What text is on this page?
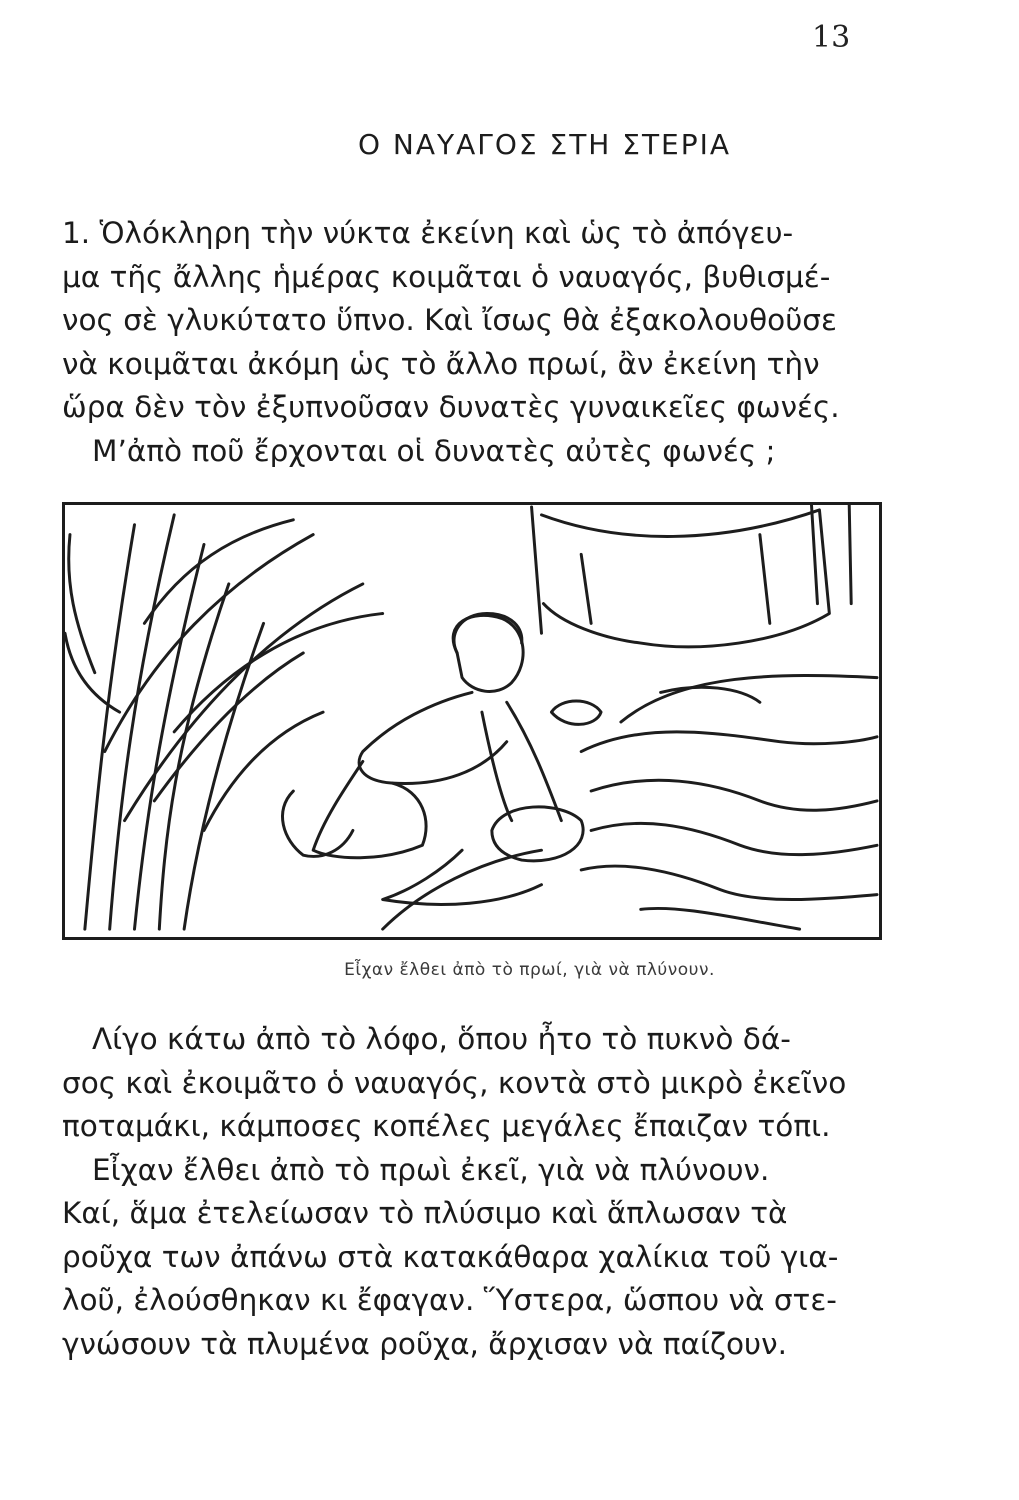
13
Ο ΝΑΥΑΓΟΣ ΣΤΗ ΣΤΕΡΙΑ
1. Ὁλόκληρη τὴν νύκτα ἐκείνη καὶ ὡς τὸ ἀπόγευ-
μα τῆς ἄλλης ἡμέρας κοιμᾶται ὁ ναυαγός, βυθισμέ-
νος σὲ γλυκύτατο ὕπνο. Καὶ ἴσως θὰ ἐξακολουθοῦσε
νὰ κοιμᾶται ἀκόμη ὡς τὸ ἄλλο πρωί, ἂν ἐκείνη τὴν
ὥρα δὲν τὸν ἐξυπνοῦσαν δυνατὲς γυναικεῖες φωνές.
Μ’ἀπὸ ποῦ ἔρχονται οἱ δυνατὲς αὐτὲς φωνές ;
Εἶχαν ἔλθει ἀπὸ τὸ πρωί, γιὰ νὰ πλύνουν.
Λίγο κάτω ἀπὸ τὸ λόφο, ὅπου ἦτο τὸ πυκνὸ δά-
σος καὶ ἐκοιμᾶτο ὁ ναυαγός, κοντὰ στὸ μικρὸ ἐκεῖνο
ποταμάκι, κάμποσες κοπέλες μεγάλες ἔπαιζαν τόπι.
Εἶχαν ἔλθει ἀπὸ τὸ πρωὶ ἐκεῖ, γιὰ νὰ πλύνουν.
Καί, ἅμα ἐτελείωσαν τὸ πλύσιμο καὶ ἅπλωσαν τὰ
ροῦχα των ἀπάνω στὰ κατακάθαρα χαλίκια τοῦ για-
λοῦ, ἐλούσθηκαν κι ἔφαγαν. Ὕστερα, ὥσπου νὰ στε-
γνώσουν τὰ πλυμένα ροῦχα, ἄρχισαν νὰ παίζουν.
